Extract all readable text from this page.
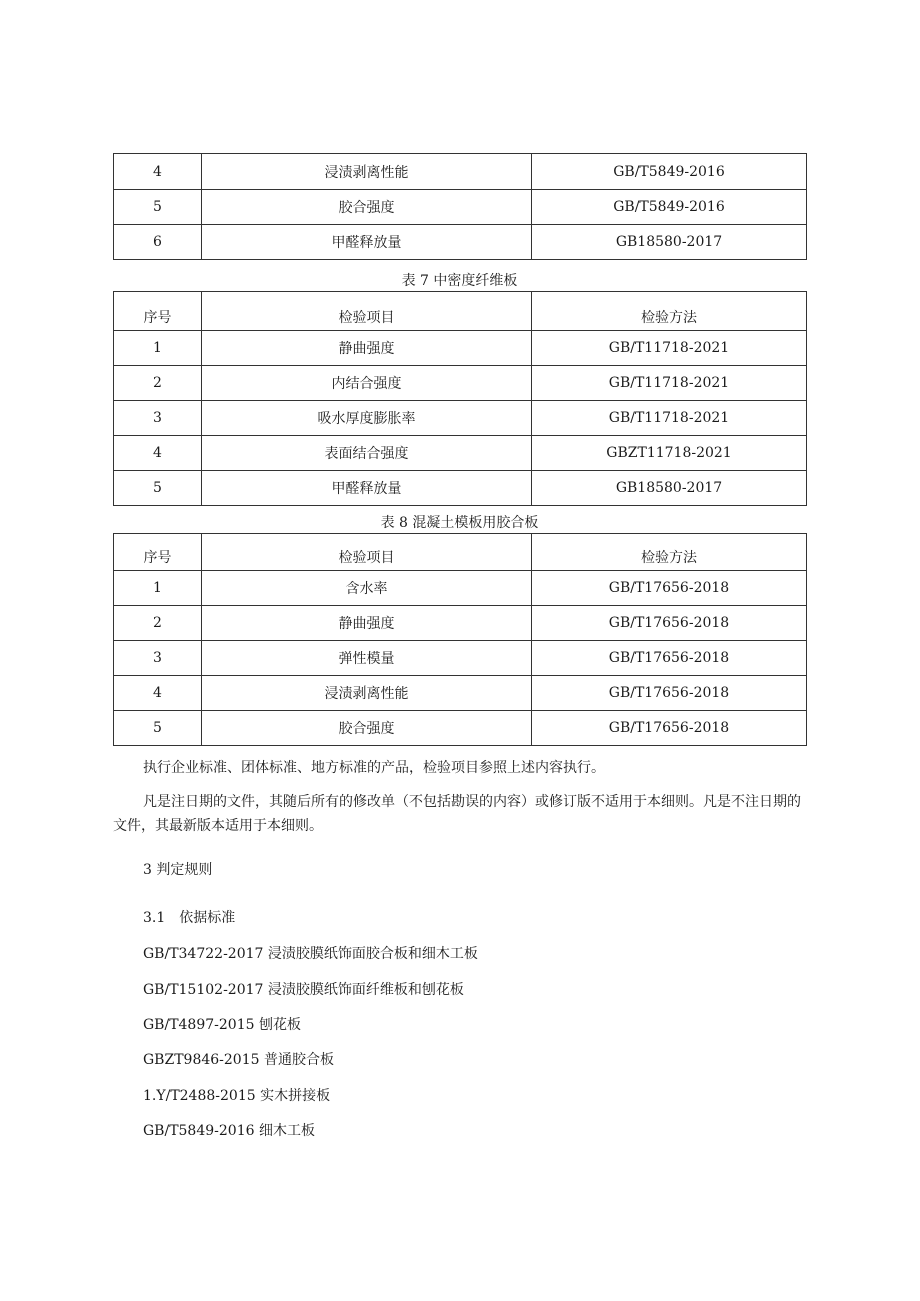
4	浸渍剥离性能	GB/T5849-2016
5	胶合强度	GB/T5849-2016
6	甲醛释放量	GB18580-2017
表 7 中密度纤维板
序号	检验项目	检验方法
1	静曲强度	GB/T11718-2021
2	内结合强度	GB/T11718-2021
3	吸水厚度膨胀率	GB/T11718-2021
4	表面结合强度	GBZT11718-2021
5	甲醛释放量	GB18580-2017
表 8 混凝土模板用胶合板
序号	检验项目	检验方法
1	含水率	GB/T17656-2018
2	静曲强度	GB/T17656-2018
3	弹性模量	GB/T17656-2018
4	浸渍剥离性能	GB/T17656-2018
5	胶合强度	GB/T17656-2018

执行企业标准、团体标准、地方标准的产品，检验项目参照上述内容执行。

凡是注日期的文件，其随后所有的修改单（不包括勘误的内容）或修订版不适用于本细则。凡是不注日期的文件，其最新版本适用于本细则。

3 判定规则

3.1　依据标准

GB/T34722-2017 浸渍胶膜纸饰面胶合板和细木工板

GB/T15102-2017 浸渍胶膜纸饰面纤维板和刨花板

GB/T4897-2015 刨花板

GBZT9846-2015 普通胶合板

1.Y/T2488-2015 实木拼接板

GB/T5849-2016 细木工板
